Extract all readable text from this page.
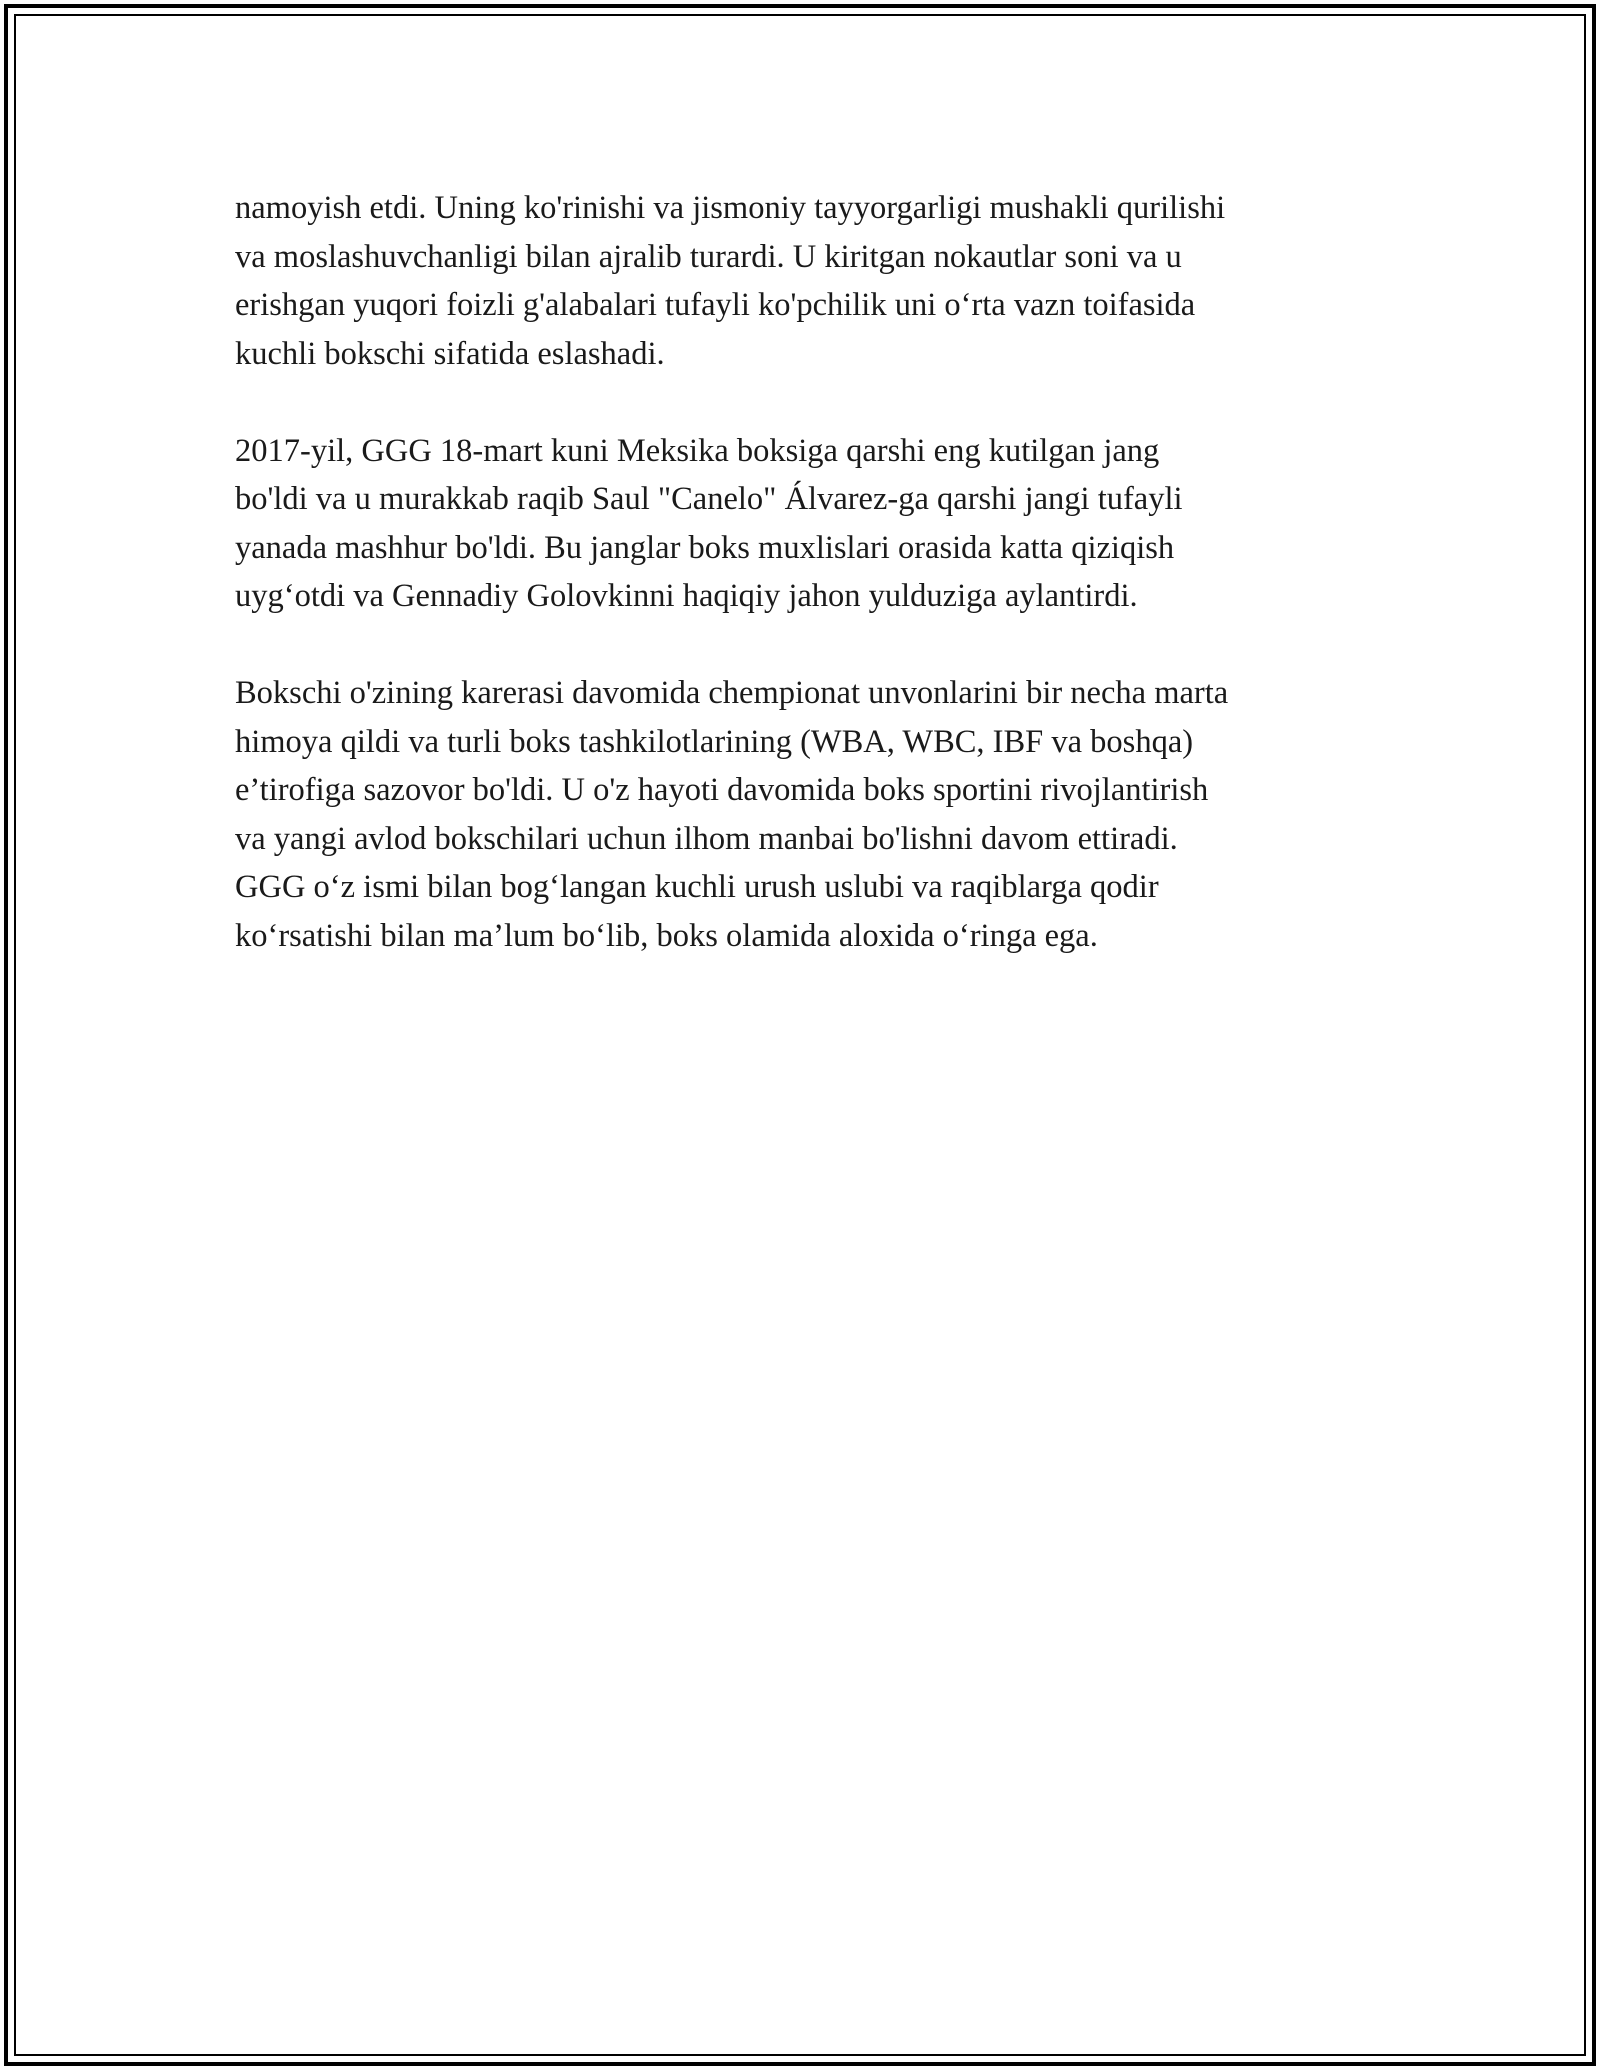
namoyish etdi. Uning ko'rinishi va jismoniy tayyorgarligi mushakli qurilishi
va moslashuvchanligi bilan ajralib turardi. U kiritgan nokautlar soni va u
erishgan yuqori foizli g'alabalari tufayli ko'pchilik uni o‘rta vazn toifasida
kuchli bokschi sifatida eslashadi.

2017-yil, GGG 18-mart kuni Meksika boksiga qarshi eng kutilgan jang
bo'ldi va u murakkab raqib Saul "Canelo" Álvarez-ga qarshi jangi tufayli
yanada mashhur bo'ldi. Bu janglar boks muxlislari orasida katta qiziqish
uyg‘otdi va Gennadiy Golovkinni haqiqiy jahon yulduziga aylantirdi.

Bokschi o'zining karerasi davomida chempionat unvonlarini bir necha marta
himoya qildi va turli boks tashkilotlarining (WBA, WBC, IBF va boshqa)
e’tirofiga sazovor bo'ldi. U o'z hayoti davomida boks sportini rivojlantirish
va yangi avlod bokschilari uchun ilhom manbai bo'lishni davom ettiradi.
GGG o‘z ismi bilan bog‘langan kuchli urush uslubi va raqiblarga qodir
ko‘rsatishi bilan ma’lum bo‘lib, boks olamida aloxida o‘ringa ega.
